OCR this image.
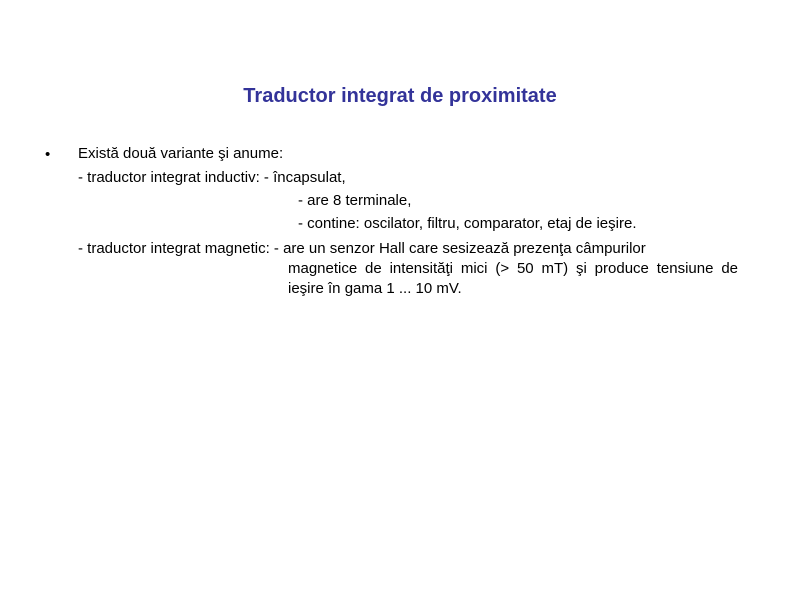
Traductor integrat de proximitate
• Există două variante şi anume:
- traductor integrat inductiv: - încapsulat,
- are 8 terminale,
- contine: oscilator, filtru, comparator, etaj de ieşire.
- traductor integrat magnetic: - are un senzor Hall care sesizează prezenţa câmpurilor
magnetice de intensităţi mici (> 50 mT) şi produce tensiune de ieşire în gama 1 ... 10 mV.
